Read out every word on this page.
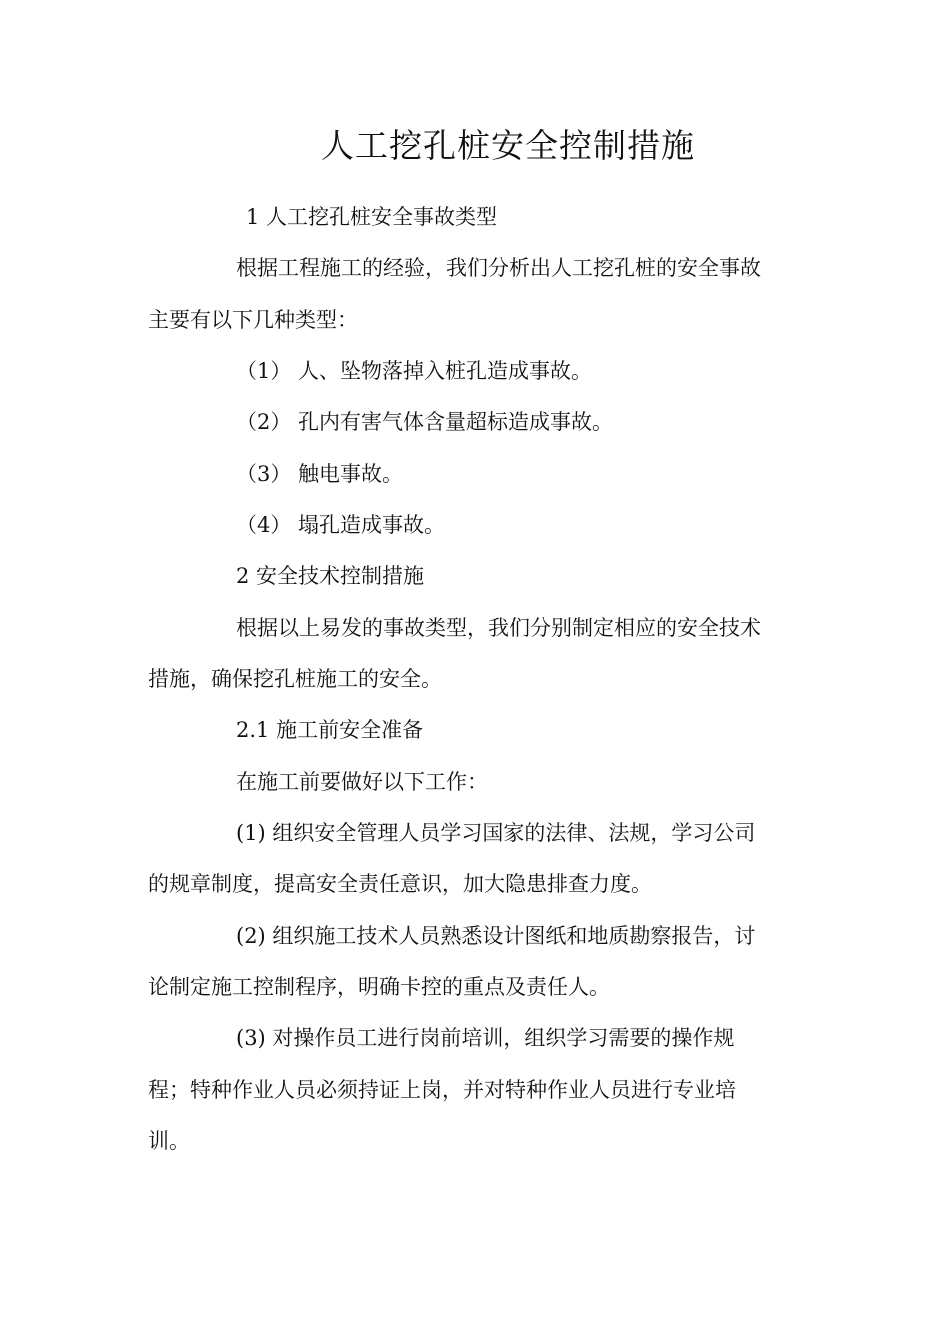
人工挖孔桩安全控制措施
1 人工挖孔桩安全事故类型
根据工程施工的经验，我们分析出人工挖孔桩的安全事故
主要有以下几种类型：
（1） 人、坠物落掉入桩孔造成事故。
（2） 孔内有害气体含量超标造成事故。
（3） 触电事故。
（4） 塌孔造成事故。
2 安全技术控制措施
根据以上易发的事故类型，我们分别制定相应的安全技术
措施，确保挖孔桩施工的安全。
2.1 施工前安全准备
在施工前要做好以下工作：
(1) 组织安全管理人员学习国家的法律、法规，学习公司
的规章制度，提高安全责任意识，加大隐患排查力度。
(2) 组织施工技术人员熟悉设计图纸和地质勘察报告，讨
论制定施工控制程序，明确卡控的重点及责任人。
(3) 对操作员工进行岗前培训，组织学习需要的操作规
程；特种作业人员必须持证上岗，并对特种作业人员进行专业培
训。
